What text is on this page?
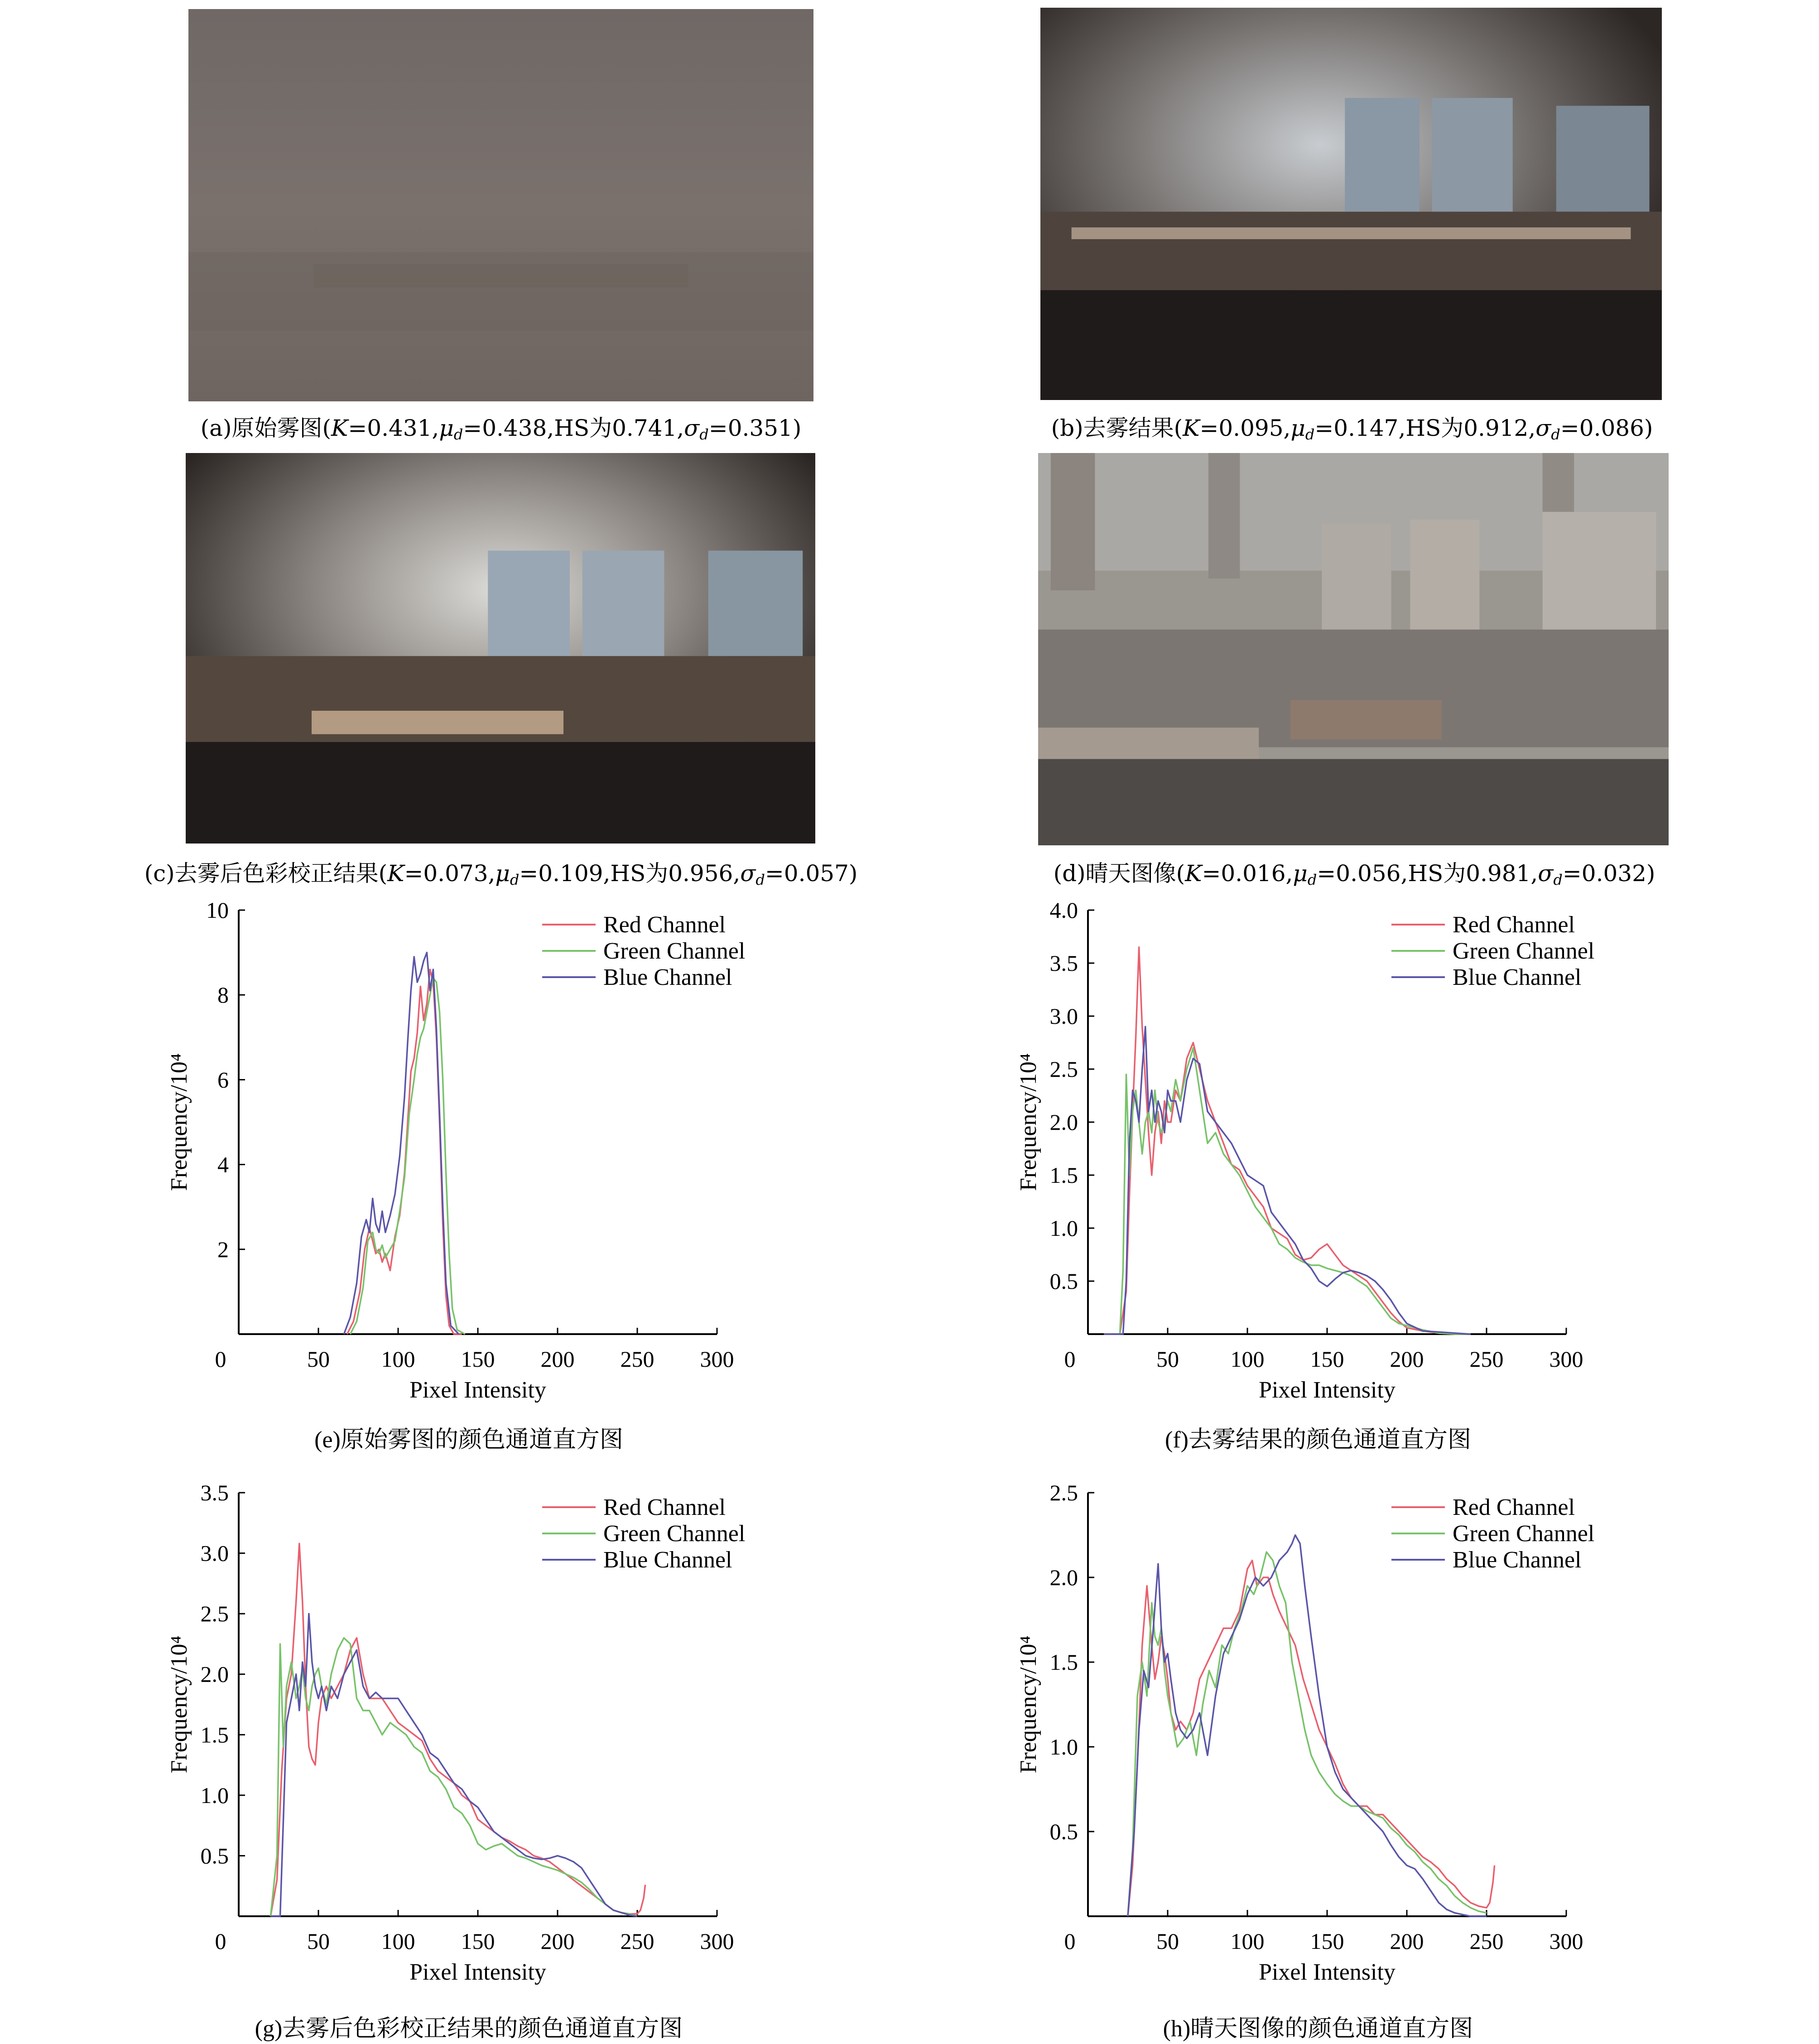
(a)原始雾图($K=0.431,\mu_d=0.438,HS$为$0.741,\sigma_d=0.351$)	(b)去雾结果($K=0.095,\mu_d=0.147,HS$为$0.912,\sigma_d=0.086$)
(c)去雾后色彩校正结果($K=0.073,\mu_d=0.109,HS$为$0.956,\sigma_d=0.057$)	(d)晴天图像($K=0.016,\mu_d=0.056,HS$为$0.981,\sigma_d=0.032$)
0	50 100 150 200 250 300
2
4
6
8
10
Pixel Intensity
Frequency/10⁴
Red Channel
Green Channel
Blue Channel
(e)原始雾图的颜色通道直方图
0	50 100 150 200 250 300
0.5
1.0
1.5
2.0
2.5
3.0
3.5
4.0
Pixel Intensity
Frequency/10⁴
Red Channel
Green Channel
Blue Channel
(f)去雾结果的颜色通道直方图
0	50 100 150 200 250 300
0.5
1.0
1.5
2.0
2.5
3.0
3.5
Pixel Intensity
Frequency/10⁴
Red Channel
Green Channel
Blue Channel
(g)去雾后色彩校正结果的颜色通道直方图
0	50 100 150 200 250 300
0.5
1.0
1.5
2.0
2.5
Pixel Intensity
Frequency/10⁴
Red Channel
Green Channel
Blue Channel
(h)晴天图像的颜色通道直方图
